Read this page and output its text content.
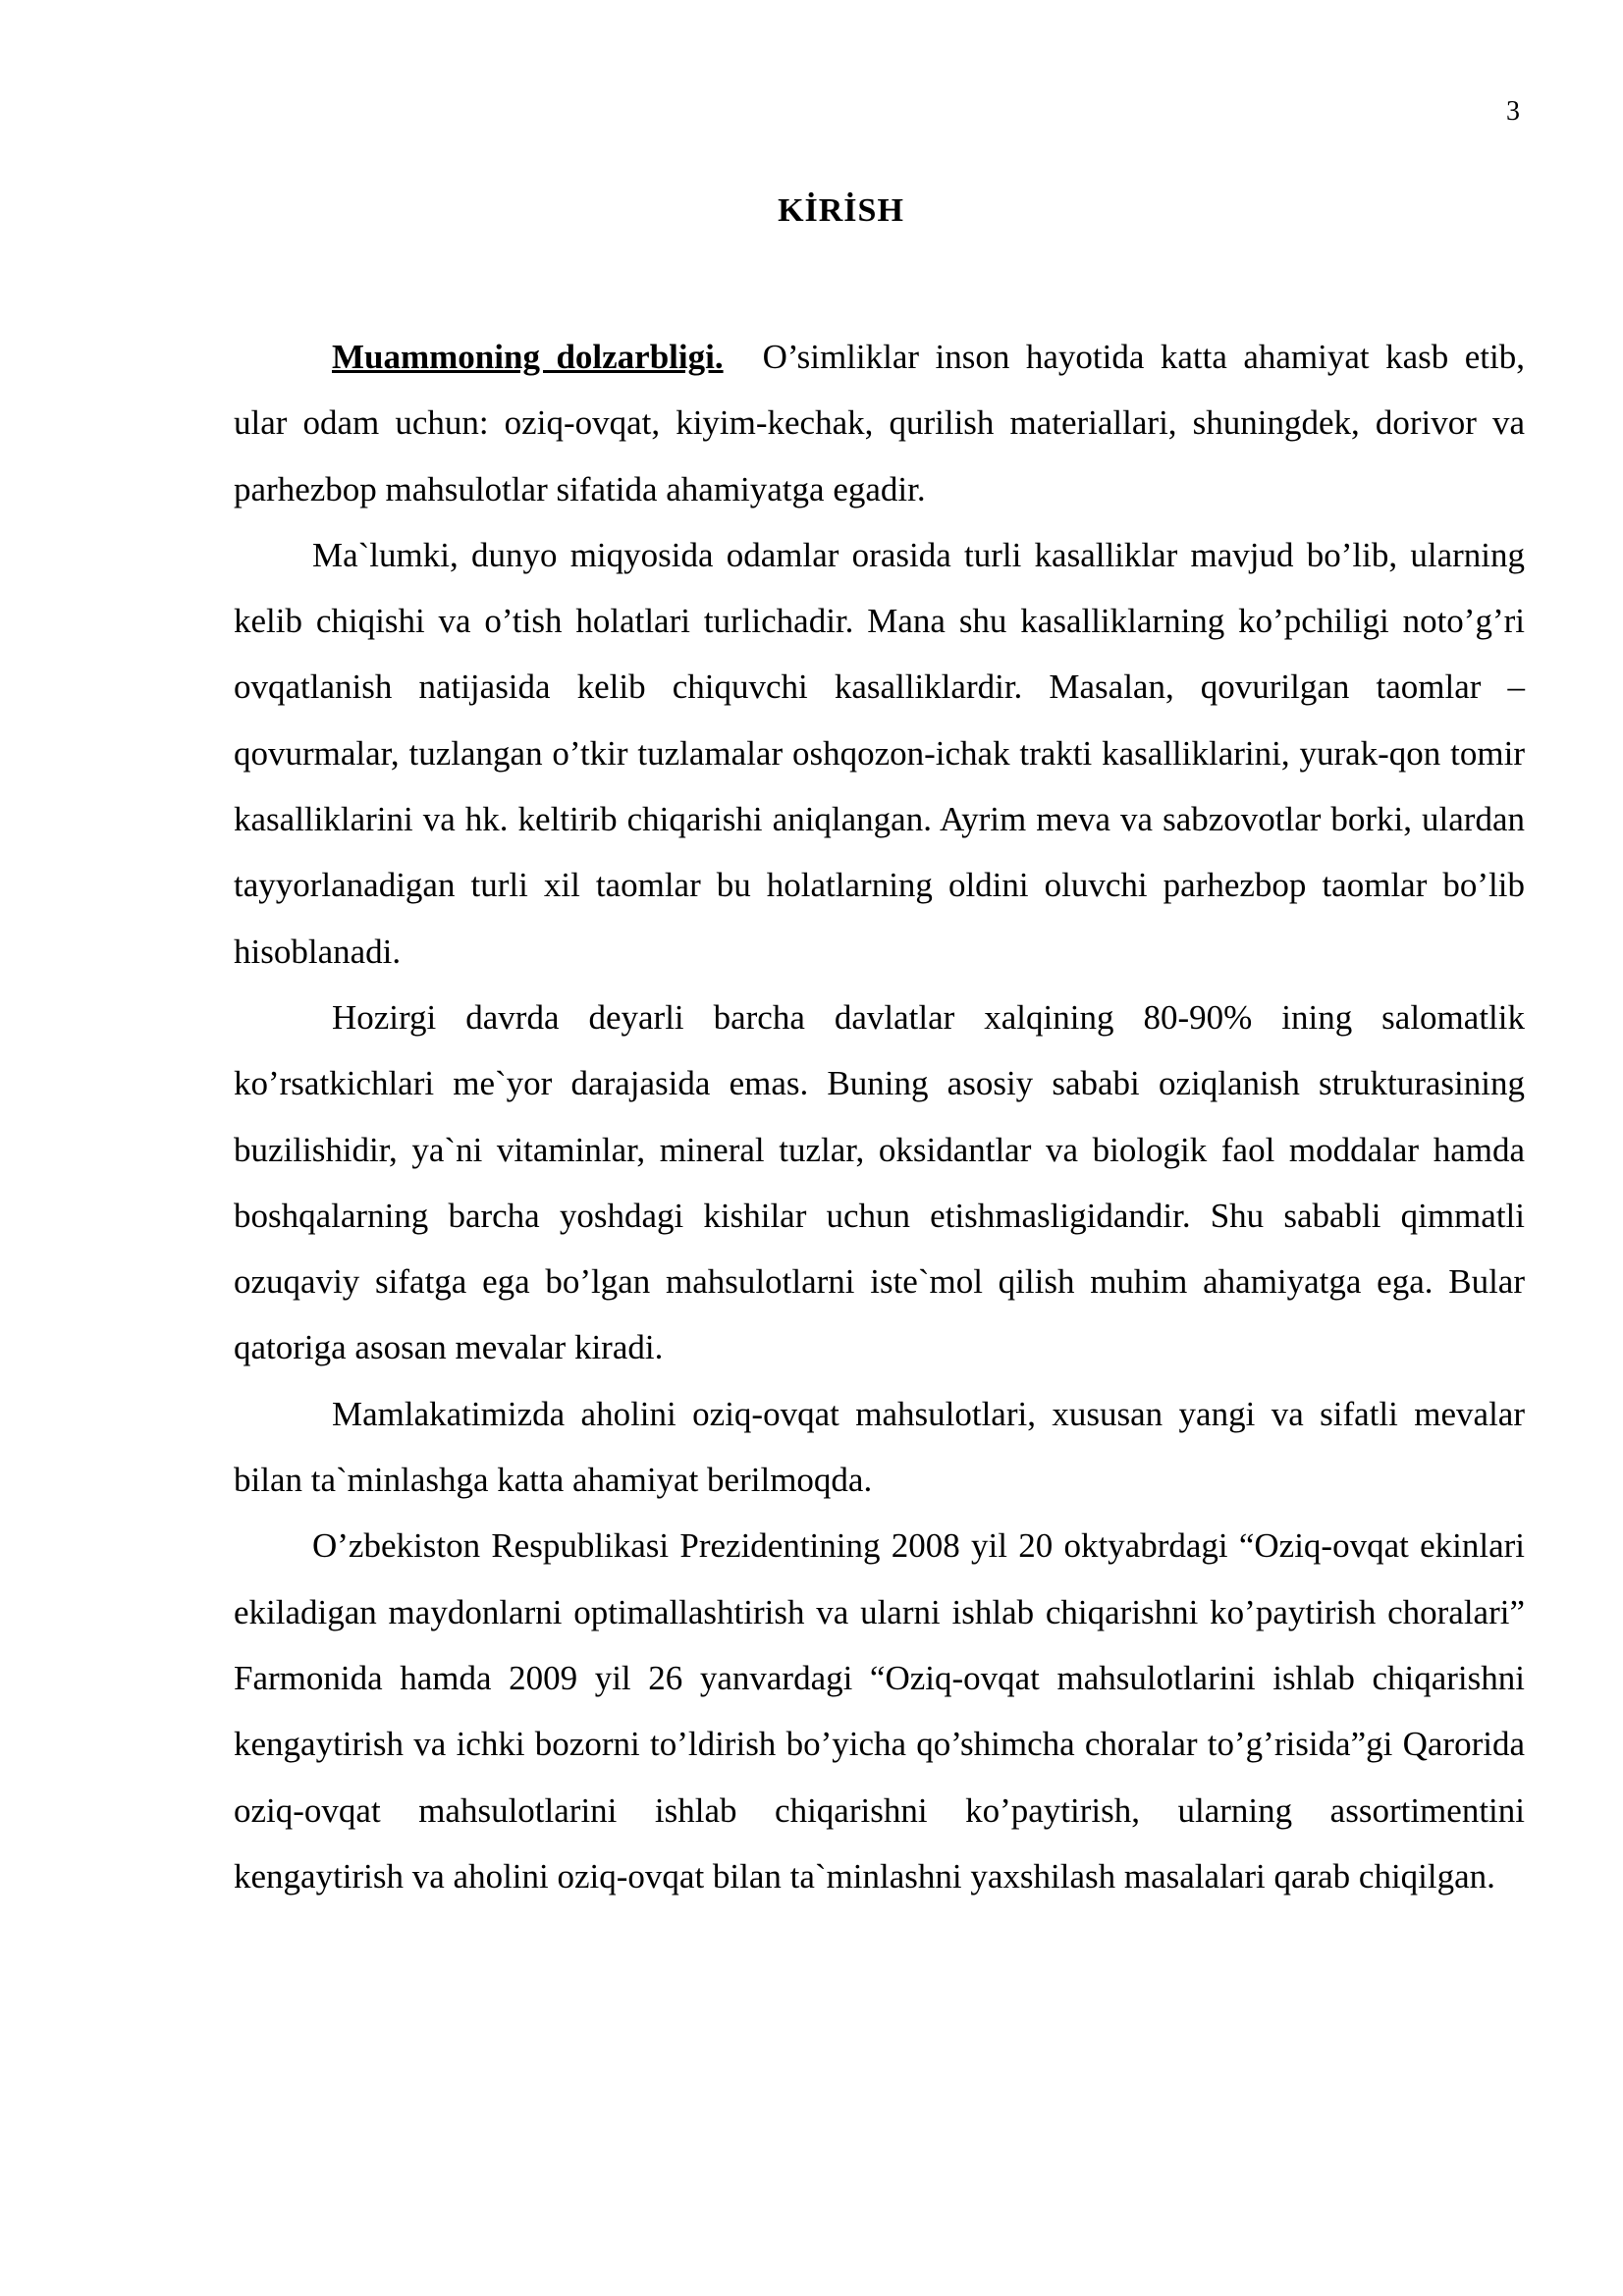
3
KİRİSH

Muammoning dolzarbligi. O’simliklar inson hayotida katta ahamiyat kasb etib, ular odam uchun: oziq-ovqat, kiyim-kechak, qurilish materiallari, shuningdek, dorivor va parhezbop mahsulotlar sifatida ahamiyatga egadir.

Ma`lumki, dunyo miqyosida odamlar orasida turli kasalliklar mavjud bo’lib, ularning kelib chiqishi va o’tish holatlari turlichadir. Mana shu kasalliklarning ko’pchiligi noto’g’ri ovqatlanish natijasida kelib chiquvchi kasalliklardir. Masalan, qovurilgan taomlar – qovurmalar, tuzlangan o’tkir tuzlamalar oshqozon-ichak trakti kasalliklarini, yurak-qon tomir kasalliklarini va hk. keltirib chiqarishi aniqlangan. Ayrim meva va sabzovotlar borki, ulardan tayyorlanadigan turli xil taomlar bu holatlarning oldini oluvchi parhezbop taomlar bo’lib hisoblanadi.

Hozirgi davrda deyarli barcha davlatlar xalqining 80-90% ining salomatlik ko’rsatkichlari me`yor darajasida emas. Buning asosiy sababi oziqlanish strukturasining buzilishidir, ya`ni vitaminlar, mineral tuzlar, oksidantlar va biologik faol moddalar hamda boshqalarning barcha yoshdagi kishilar uchun etishmasligidandir. Shu sababli qimmatli ozuqaviy sifatga ega bo’lgan mahsulotlarni iste`mol qilish muhim ahamiyatga ega. Bular qatoriga asosan mevalar kiradi.

Mamlakatimizda aholini oziq-ovqat mahsulotlari, xususan yangi va sifatli mevalar bilan ta`minlashga katta ahamiyat berilmoqda.

O’zbekiston Respublikasi Prezidentining 2008 yil 20 oktyabrdagi “Oziq-ovqat ekinlari ekiladigan maydonlarni optimallashtirish va ularni ishlab chiqarishni ko’paytirish choralari” Farmonida hamda 2009 yil 26 yanvardagi “Oziq-ovqat mahsulotlarini ishlab chiqarishni kengaytirish va ichki bozorni to’ldirish bo’yicha qo’shimcha choralar to’g’risida”gi Qarorida oziq-ovqat mahsulotlarini ishlab chiqarishni ko’paytirish, ularning assortimentini kengaytirish va aholini oziq-ovqat bilan ta`minlashni yaxshilash masalalari qarab chiqilgan.
